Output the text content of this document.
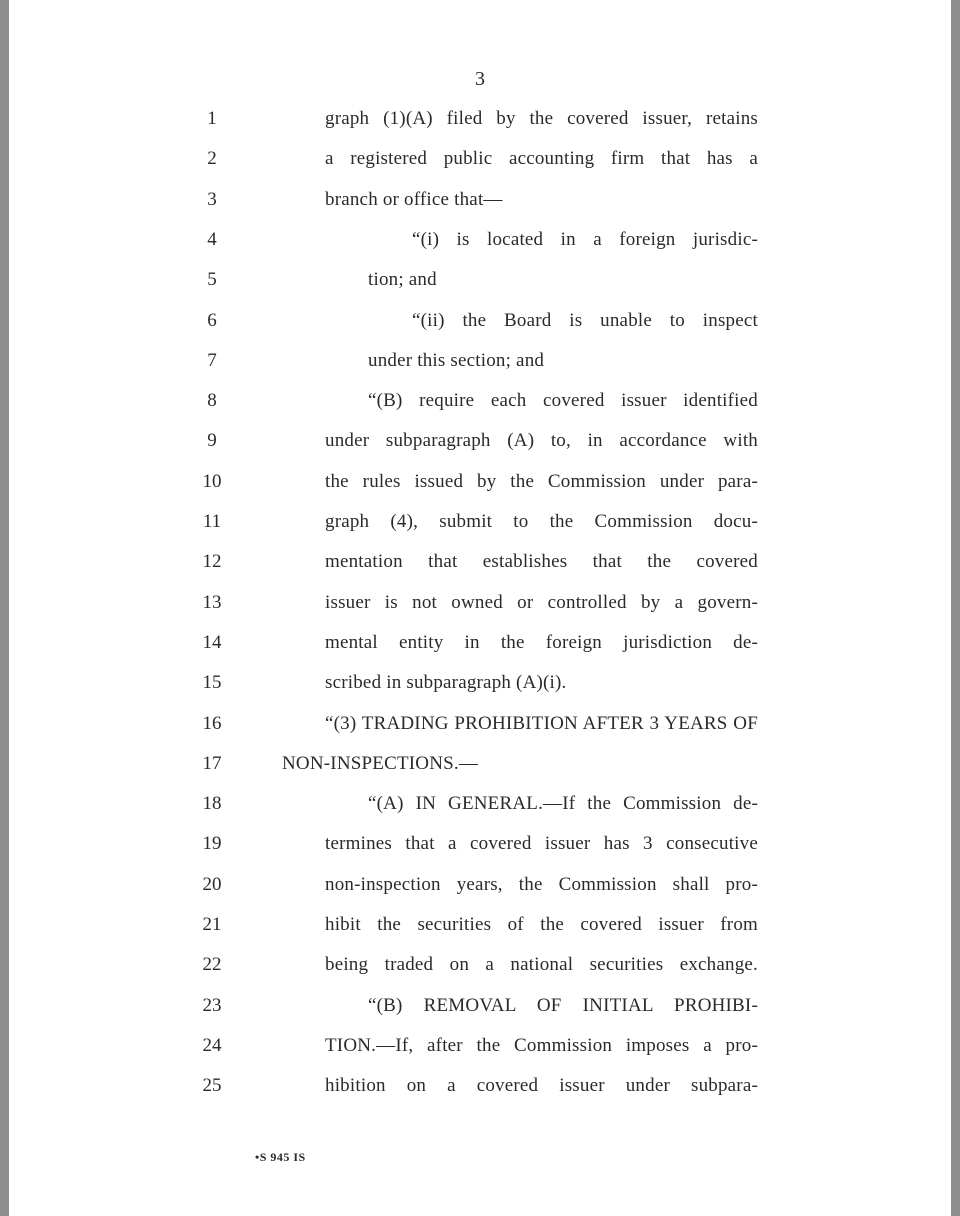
3
1	graph (1)(A) filed by the covered issuer, retains
2	a registered public accounting firm that has a
3	branch or office that—
4	“(i) is located in a foreign jurisdic-
5	tion; and
6	“(ii) the Board is unable to inspect
7	under this section; and
8	“(B) require each covered issuer identified
9	under subparagraph (A) to, in accordance with
10	the rules issued by the Commission under para-
11	graph (4), submit to the Commission docu-
12	mentation that establishes that the covered
13	issuer is not owned or controlled by a govern-
14	mental entity in the foreign jurisdiction de-
15	scribed in subparagraph (A)(i).
16	“(3) TRADING PROHIBITION AFTER 3 YEARS OF
17	NON-INSPECTIONS.—
18	“(A) IN GENERAL.—If the Commission de-
19	termines that a covered issuer has 3 consecutive
20	non-inspection years, the Commission shall pro-
21	hibit the securities of the covered issuer from
22	being traded on a national securities exchange.
23	“(B) REMOVAL OF INITIAL PROHIBI-
24	TION.—If, after the Commission imposes a pro-
25	hibition on a covered issuer under subpara-
•S 945 IS
